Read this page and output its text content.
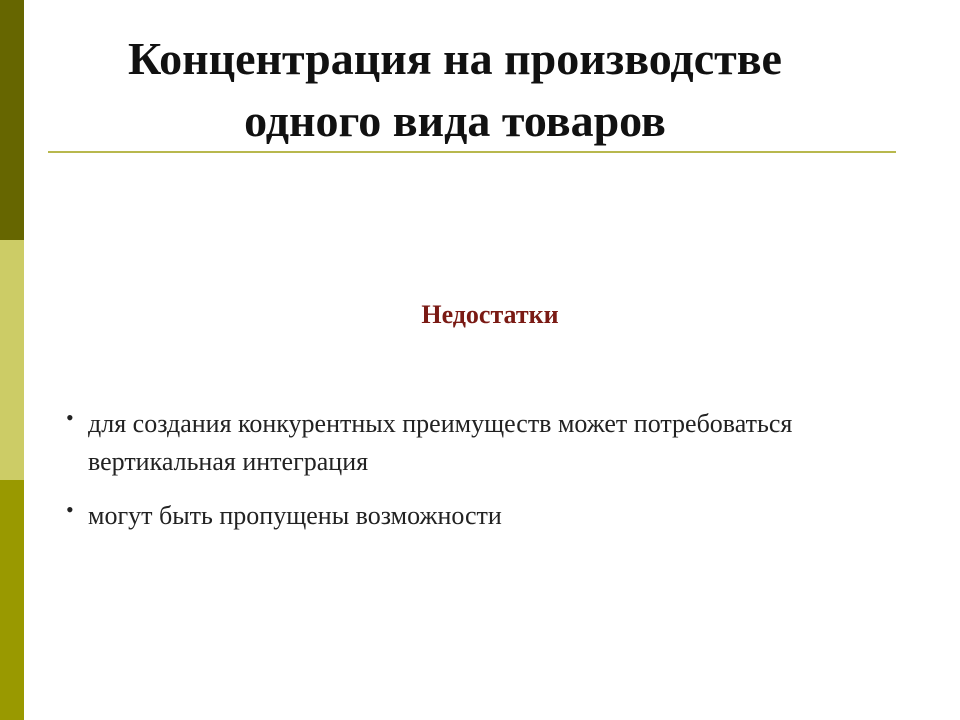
Концентрация на производстве
одного вида товаров
Недостатки
• для создания конкурентных преимуществ может потребоваться вертикальная интеграция
• могут быть пропущены возможности
